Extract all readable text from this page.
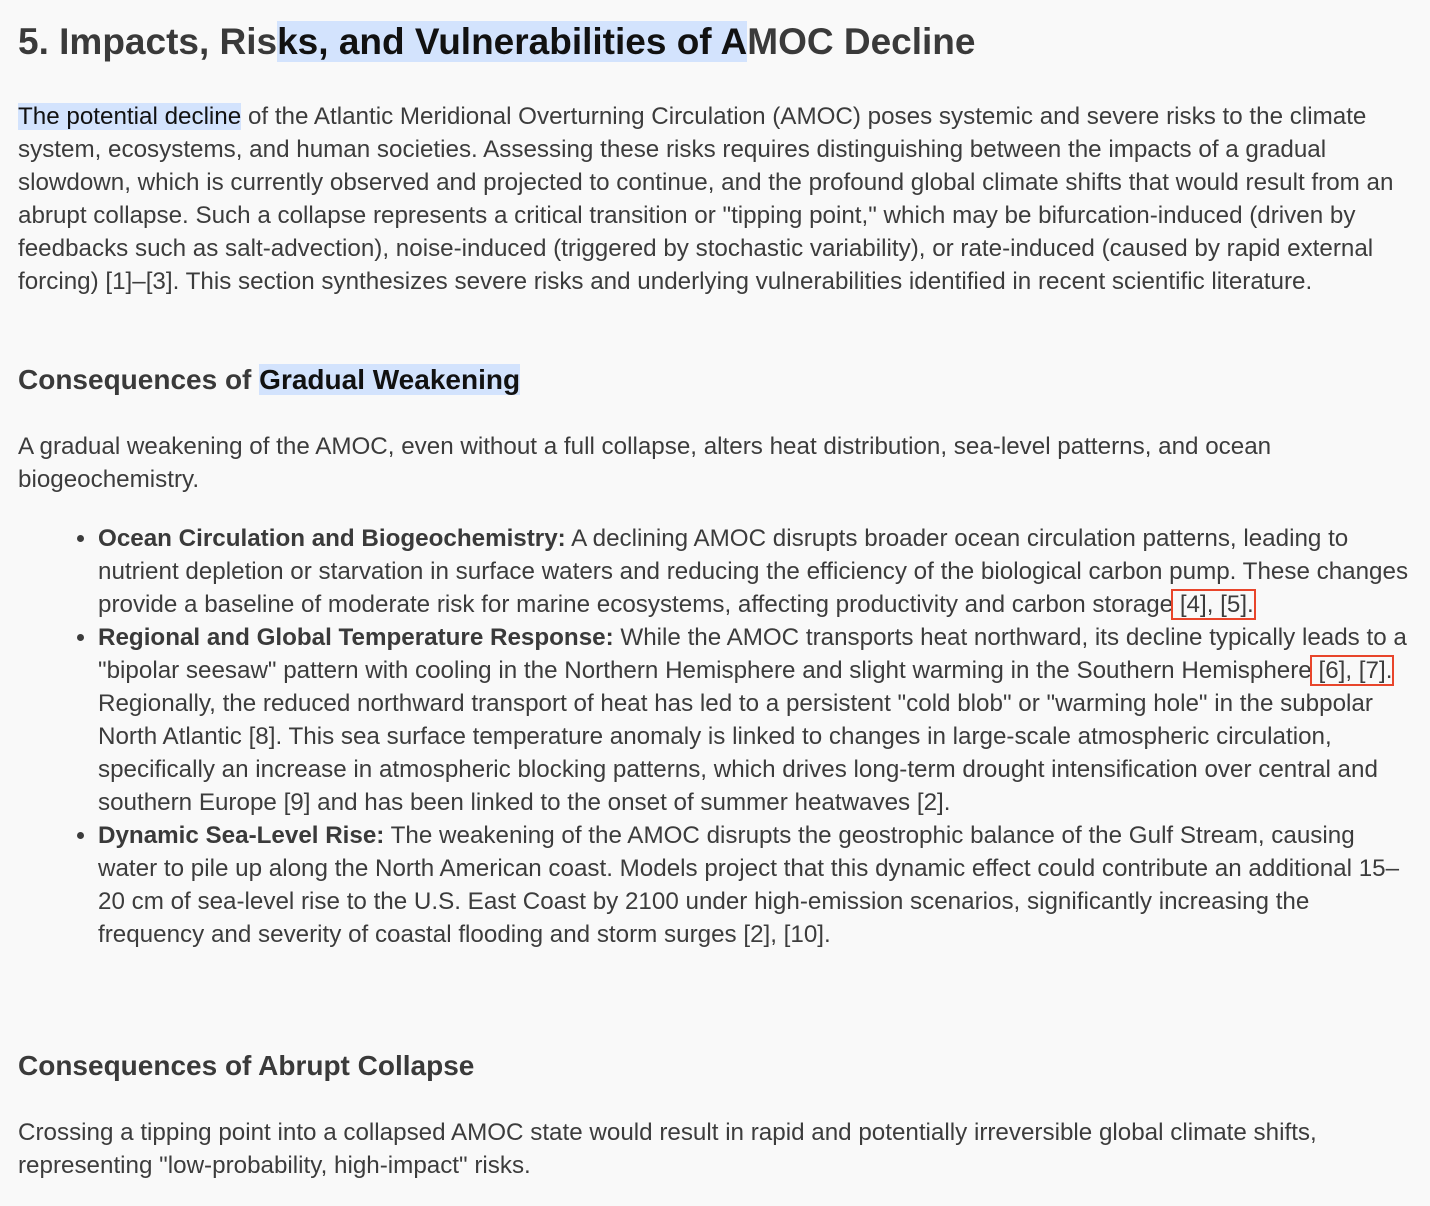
5. Impacts, Risks, and Vulnerabilities of AMOC Decline

The potential decline of the Atlantic Meridional Overturning Circulation (AMOC) poses systemic and severe risks to the climate system, ecosystems, and human societies. Assessing these risks requires distinguishing between the impacts of a gradual slowdown, which is currently observed and projected to continue, and the profound global climate shifts that would result from an abrupt collapse. Such a collapse represents a critical transition or "tipping point," which may be bifurcation-induced (driven by feedbacks such as salt-advection), noise-induced (triggered by stochastic variability), or rate-induced (caused by rapid external forcing) [1]–[3]. This section synthesizes severe risks and underlying vulnerabilities identified in recent scientific literature.

Consequences of Gradual Weakening

A gradual weakening of the AMOC, even without a full collapse, alters heat distribution, sea-level patterns, and ocean biogeochemistry.

• Ocean Circulation and Biogeochemistry: A declining AMOC disrupts broader ocean circulation patterns, leading to nutrient depletion or starvation in surface waters and reducing the efficiency of the biological carbon pump. These changes provide a baseline of moderate risk for marine ecosystems, affecting productivity and carbon storage [4], [5].
• Regional and Global Temperature Response: While the AMOC transports heat northward, its decline typically leads to a "bipolar seesaw" pattern with cooling in the Northern Hemisphere and slight warming in the Southern Hemisphere [6], [7]. Regionally, the reduced northward transport of heat has led to a persistent "cold blob" or "warming hole" in the subpolar North Atlantic [8]. This sea surface temperature anomaly is linked to changes in large-scale atmospheric circulation, specifically an increase in atmospheric blocking patterns, which drives long-term drought intensification over central and southern Europe [9] and has been linked to the onset of summer heatwaves [2].
• Dynamic Sea-Level Rise: The weakening of the AMOC disrupts the geostrophic balance of the Gulf Stream, causing water to pile up along the North American coast. Models project that this dynamic effect could contribute an additional 15–20 cm of sea-level rise to the U.S. East Coast by 2100 under high-emission scenarios, significantly increasing the frequency and severity of coastal flooding and storm surges [2], [10].
Consequences of Abrupt Collapse

Crossing a tipping point into a collapsed AMOC state would result in rapid and potentially irreversible global climate shifts, representing "low-probability, high-impact" risks.
